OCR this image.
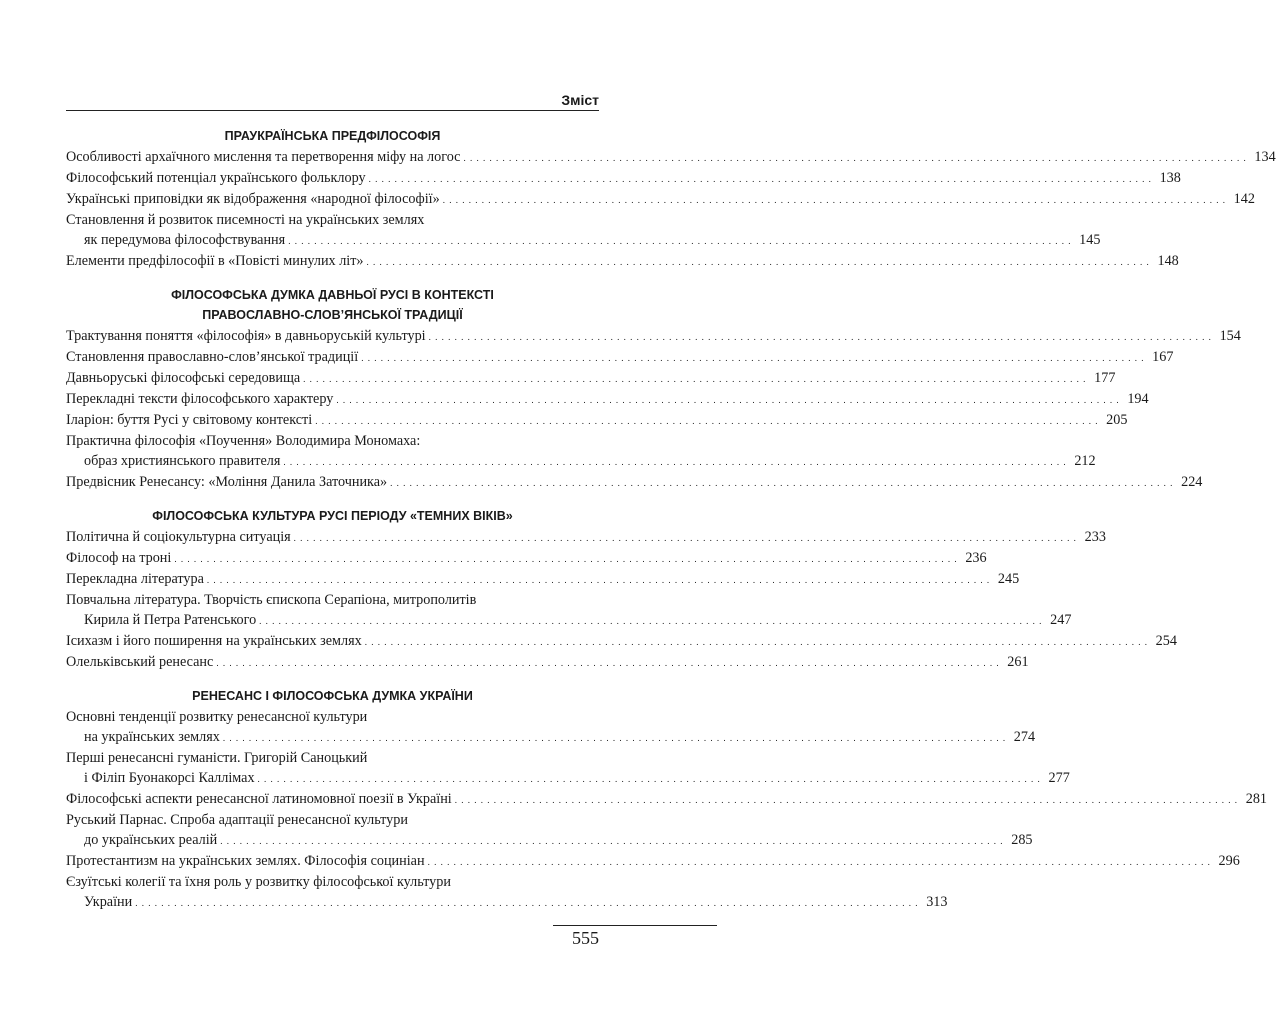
Зміст
ПРАУКРАЇНСЬКА ПРЕДФІЛОСОФІЯ
Особливості архаїчного мислення та перетворення міфу на логос . . .	134
Філософський потенціал українського фольклору . . .	138
Українські приповідки як відображення «народної філософії» . . .	142
Становлення й розвиток писемності на українських землях
як передумова філософствування . . .	145
Елементи предфілософії в «Повісті минулих літ» . . .	148
ФІЛОСОФСЬКА ДУМКА ДАВНЬОЇ РУСІ В КОНТЕКСТІ
ПРАВОСЛАВНО-СЛОВ’ЯНСЬКОЇ ТРАДИЦІЇ
Трактування поняття «філософія» в давньоруській культурі . . .	154
Становлення православно-слов’янської традиції . . .	167
Давньоруські філософські середовища . . .	177
Перекладні тексти філософського характеру . . .	194
Іларіон: буття Русі у світовому контексті . . .	205
Практична філософія «Поучення» Володимира Мономаха:
образ християнського правителя . . .	212
Предвісник Ренесансу: «Моління Данила Заточника» . . .	224
ФІЛОСОФСЬКА КУЛЬТУРА РУСІ ПЕРІОДУ «ТЕМНИХ ВІКІВ»
Політична й соціокультурна ситуація . . .	233
Філософ на троні . . .	236
Перекладна література . . .	245
Повчальна література. Творчість єпископа Серапіона, митрополитів
Кирила й Петра Ратенського . . .	247
Ісихазм і його поширення на українських землях . . .	254
Олельківський ренесанс . . .	261
РЕНЕСАНС І ФІЛОСОФСЬКА ДУМКА УКРАЇНИ
Основні тенденції розвитку ренесансної культури
на українських землях . . .	274
Перші ренесансні гуманісти. Григорій Саноцький
і Філіп Буонакорсі Каллімах . . .	277
Філософські аспекти ренесансної латиномовної поезії в Україні . . .	281
Руський Парнас. Спроба адаптації ренесансної культури
до українських реалій . . .	285
Протестантизм на українських землях. Філософія социніан . . .	296
Єзуїтські колегії та їхня роль у розвитку філософської культури
України . . .	313
555
